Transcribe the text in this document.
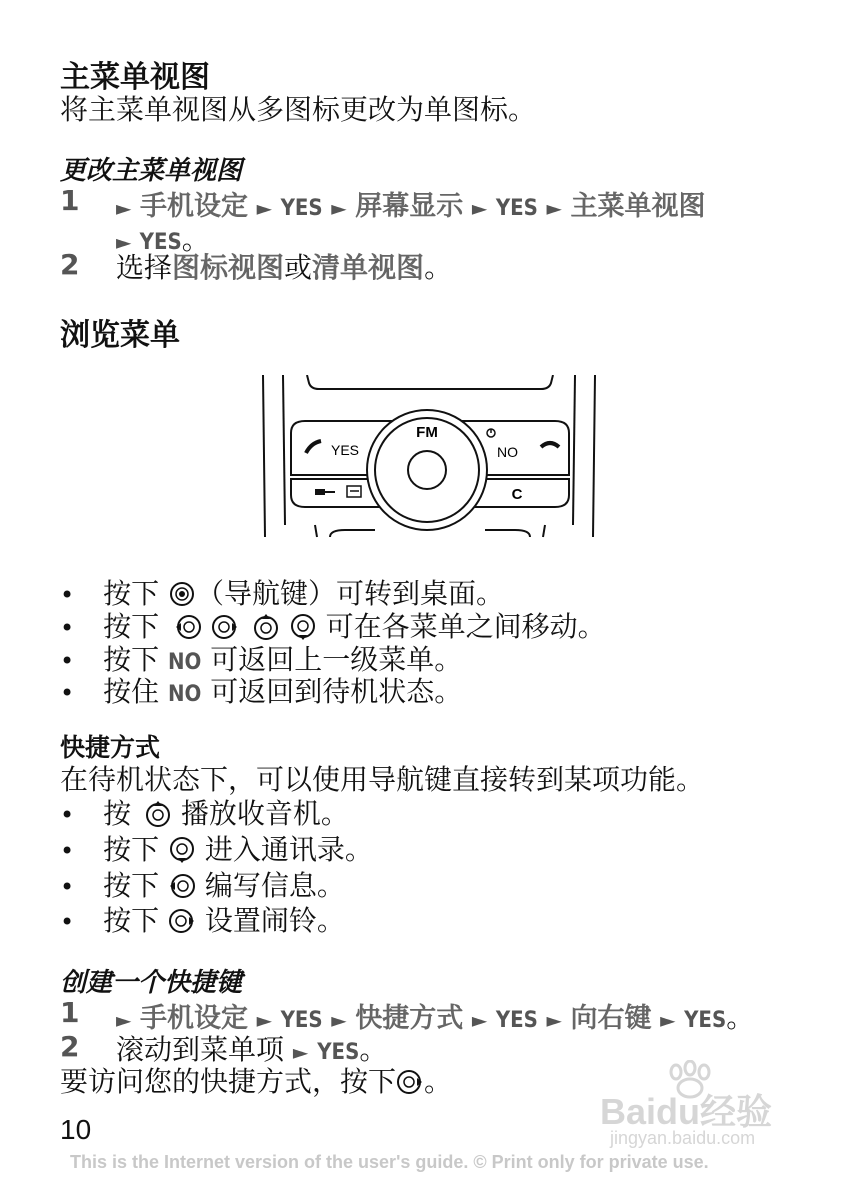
主菜单视图
将主菜单视图从多图标更改为单图标。
更改主菜单视图
1 ► 手机设定 ► YES ► 屏幕显示 ► YES ► 主菜单视图
► YES。
2 选择图标视图或清单视图。
浏览菜单
FM
YES	NO
C
• 按下 （导航键）可转到桌面。
• 按下	可在各菜单之间移动。
• 按下 NO 可返回上一级菜单。
• 按住 NO 可返回到待机状态。
快捷方式
在待机状态下，可以使用导航键直接转到某项功能。
• 按 播放收音机。
• 按下 进入通讯录。
• 按下 编写信息。
• 按下 设置闹铃。
创建一个快捷键
1 ► 手机设定 ► YES ► 快捷方式 ► YES ► 向右键 ► YES。
2 滚动到菜单项 ► YES。
要访问您的快捷方式，按下 。
Baidu经验
jingyan.baidu.com
10
This is the Internet version of the user's guide. © Print only for private use.
